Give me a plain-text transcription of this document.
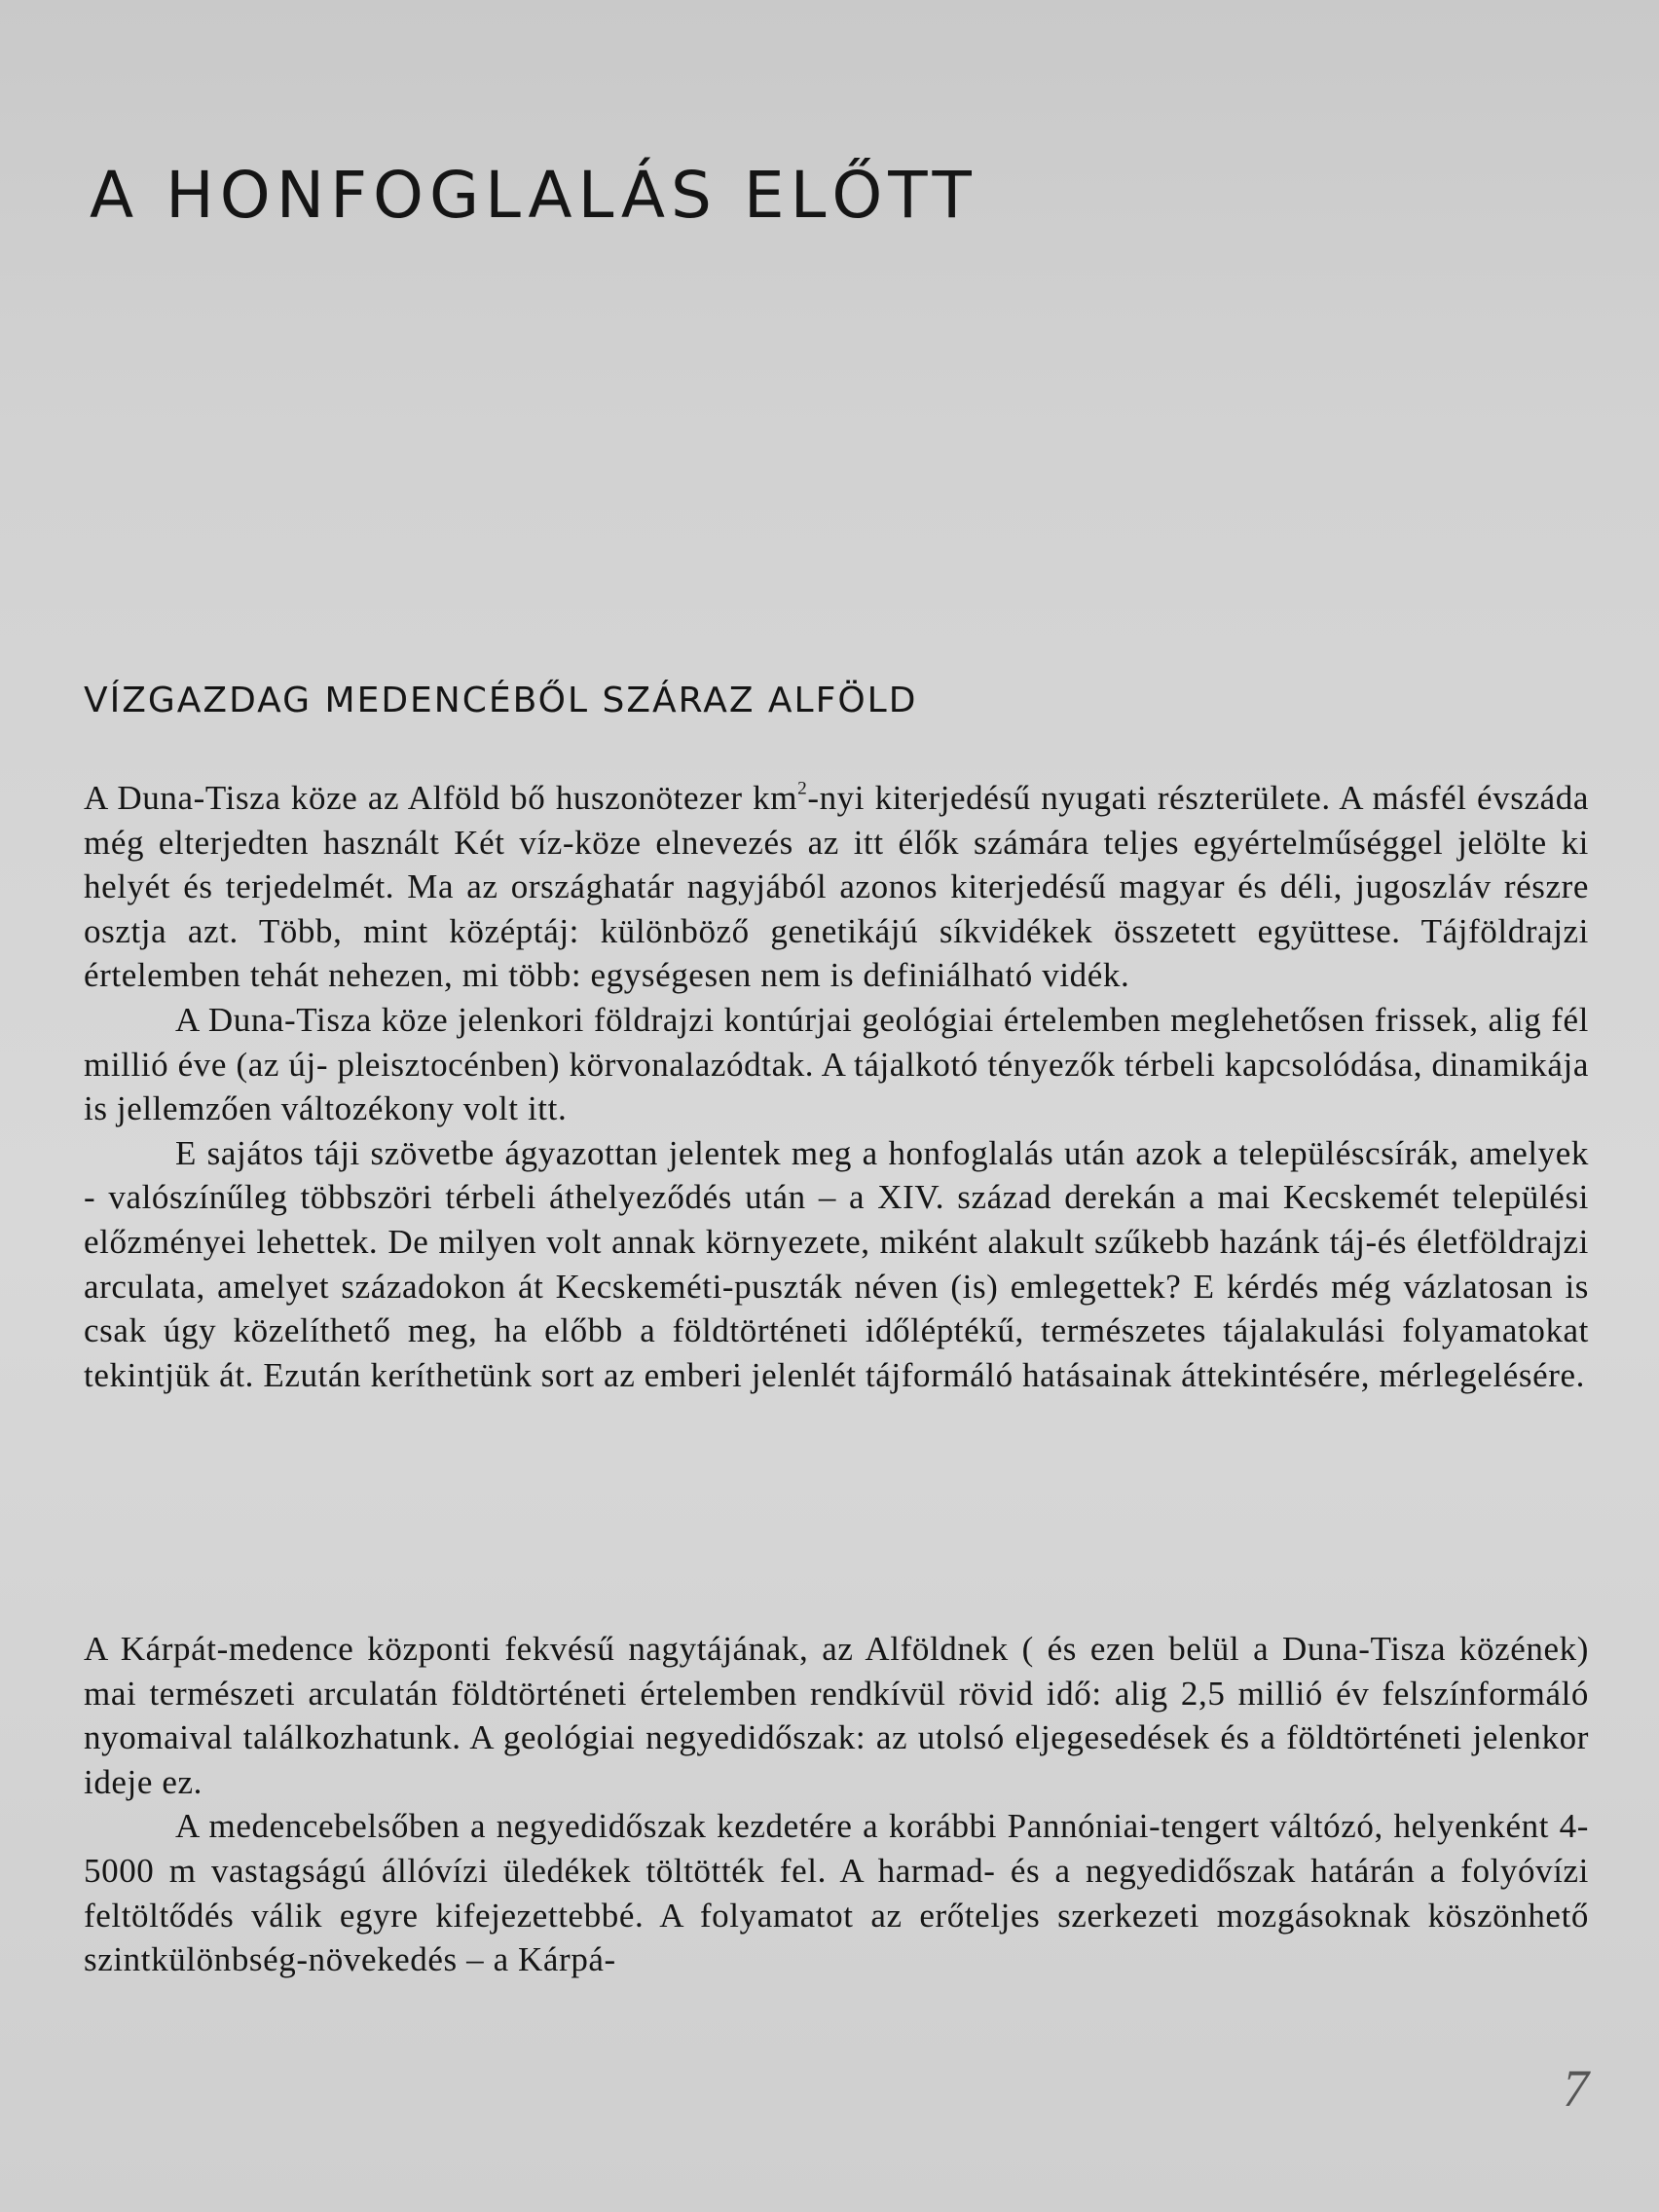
A HONFOGLALÁS ELŐTT
VÍZGAZDAG MEDENCÉBŐL SZÁRAZ ALFÖLD

A Duna-Tisza köze az Alföld bő huszonötezer $km^2$-nyi kiterjedésű nyugati részterülete. A másfél évszáda még elterjedten használt Két víz-köze elnevezés az itt élők számára teljes egyértelműséggel jelölte ki helyét és terjedelmét. Ma az országhatár nagyjából azonos kiterjedésű magyar és déli, jugoszláv részre osztja azt. Több, mint középtáj: különböző genetikájú síkvidékek összetett együttese. Tájföldrajzi értelemben tehát nehezen, mi több: egységesen nem is definiálható vidék.

A Duna-Tisza köze jelenkori földrajzi kontúrjai geológiai értelemben meglehetősen frissek, alig fél millió éve (az új- pleisztocénben) körvonalazódtak. A tájalkotó tényezők térbeli kapcsolódása, dinamikája is jellemzően változékony volt itt.

E sajátos táji szövetbe ágyazottan jelentek meg a honfoglalás után azok a településcsírák, amelyek - valószínűleg többszöri térbeli áthelyeződés után – a XIV. század derekán a mai Kecskemét települési előzményei lehettek. De milyen volt annak környezete, miként alakult szűkebb hazánk táj-és életföldrajzi arculata, amelyet századokon át Kecskeméti-puszták néven (is) emlegettek? E kérdés még vázlatosan is csak úgy közelíthető meg, ha előbb a földtörténeti időléptékű, természetes tájalakulási folyamatokat tekintjük át. Ezután keríthetünk sort az emberi jelenlét tájformáló hatásainak áttekintésére, mérlegelésére.

A Kárpát-medence központi fekvésű nagytájának, az Alföldnek ( és ezen belül a Duna-Tisza közének) mai természeti arculatán földtörténeti értelemben rendkívül rövid idő: alig 2,5 millió év felszínformáló nyomaival találkozhatunk. A geológiai negyedidőszak: az utolsó eljegesedések és a földtörténeti jelenkor ideje ez.

A medencebelsőben a negyedidőszak kezdetére a korábbi Pannóniai-tengert váltózó, helyenként 4-5000 m vastagságú állóvízi üledékek töltötték fel. A harmad- és a negyedidőszak határán a folyóvízi feltöltődés válik egyre kifejezettebbé. A folyamatot az erőteljes szerkezeti mozgásoknak köszönhető szintkülönbség-növekedés – a Kárpá-

7
